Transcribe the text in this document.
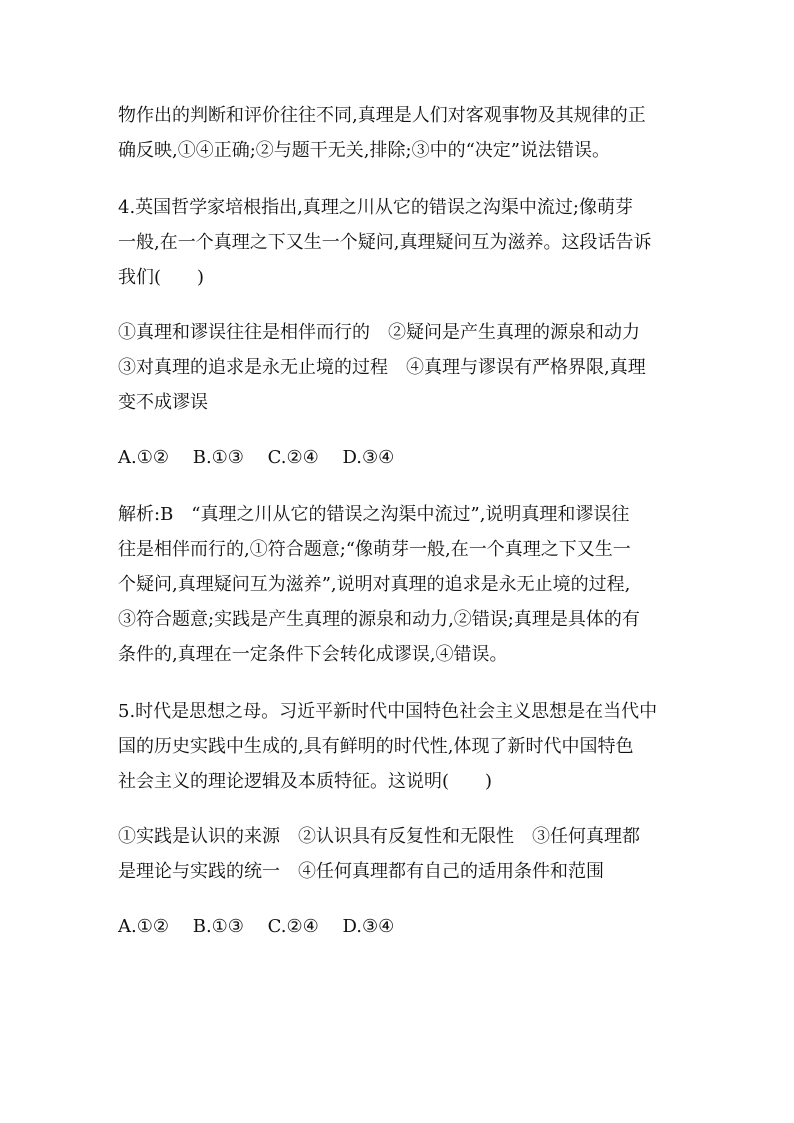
物作出的判断和评价往往不同,真理是人们对客观事物及其规律的正
确反映,①④正确;②与题干无关,排除;③中的“决定”说法错误。
4.英国哲学家培根指出,真理之川从它的错误之沟渠中流过;像萌芽
一般,在一个真理之下又生一个疑问,真理疑问互为滋养。这段话告诉
我们(　　)
①真理和谬误往往是相伴而行的　②疑问是产生真理的源泉和动力
③对真理的追求是永无止境的过程　④真理与谬误有严格界限,真理
变不成谬误
A.①②　 B.①③　 C.②④　 D.③④
解析:B　“真理之川从它的错误之沟渠中流过”,说明真理和谬误往
往是相伴而行的,①符合题意;“像萌芽一般,在一个真理之下又生一
个疑问,真理疑问互为滋养”,说明对真理的追求是永无止境的过程,
③符合题意;实践是产生真理的源泉和动力,②错误;真理是具体的有
条件的,真理在一定条件下会转化成谬误,④错误。
5.时代是思想之母。习近平新时代中国特色社会主义思想是在当代中
国的历史实践中生成的,具有鲜明的时代性,体现了新时代中国特色
社会主义的理论逻辑及本质特征。这说明(　　)
①实践是认识的来源　②认识具有反复性和无限性　③任何真理都
是理论与实践的统一　④任何真理都有自己的适用条件和范围
A.①②　 B.①③　 C.②④　 D.③④
